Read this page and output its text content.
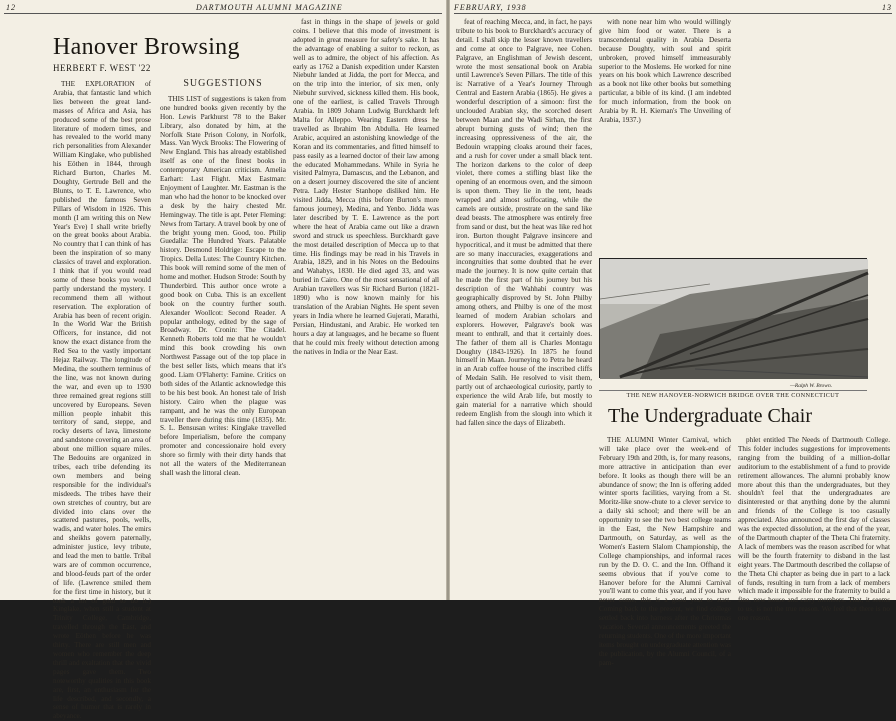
12	DARTMOUTH ALUMNI MAGAZINE
Hanover Browsing
HERBERT F. WEST '22

THE EXPLORATION of Arabia, that fantastic land which lies between the great land-masses of Africa and Asia, has produced some of the best prose literature of modern times, and has revealed to the world many rich personalities from Alexander William Kinglake, who published his Eöthen in 1844, through Richard Burton, Charles M. Doughty, Gertrude Bell and the Blunts, to T. E. Lawrence, who published the famous Seven Pillars of Wisdom in 1926. This month (I am writing this on New Year's Eve) I shall write briefly on the great books about Arabia. No country that I can think of has been the inspiration of so many classics of travel and exploration. I think that if you would read some of these books you would partly understand the mystery. I recommend them all without reservation. The exploration of Arabia has been of recent origin. In the World War the British Officers, for instance, did not know the exact distance from the Red Sea to the vastly important Hejaz Railway. The longitude of Medina, the southern terminus of the line, was not known during the war, and even up to 1930 three remained great regions still uncovered by Europeans. Seven million people inhabit this territory of sand, steppe, and rocky deserts of lava, limestone and sandstone covering an area of about one million square miles. The Bedouins are organized in tribes, each tribe defending its own members and being responsible for the individual's misdeeds. The tribes have their own stretches of country, but are divided into clans over the scattered pastures, pools, wells, wadis, and water holes. The emirs and sheikhs govern paternally, administer justice, levy tribute, and lead the men to battle. Tribal wars are of common occurrence, and blood-feuds part of the order of life. (Lawrence smiled them for the first time in history, but it took a lot of gold to do it.) Kinglake, when still a student at Trinity College, Cambridge, travelled through the East, and wrote Eöthen before he was thirty. There are still men and women who remember the deep thrill and exaltation that the vivid pages gave them. Two noteworthy qualities in this book are, first, an enthusiasm for the life described, and secondly, a sense of humor that is rarely in abeyance.

SUGGESTIONS

THIS LIST of suggestions is taken from one hundred books given recently by the Hon. Lewis Parkhurst '78 to the Baker Library, also donated by him, at the Norfolk State Prison Colony, in Norfolk, Mass. Van Wyck Brooks: The Flowering of New England. This has already established itself as one of the finest books in contemporary American criticism. Amelia Earhart: Last Flight. Max Eastman: Enjoyment of Laughter. Mr. Eastman is the man who had the honor to be knocked over a desk by the hairy chested Mr. Hemingway. The title is apt. Peter Fleming: News from Tartary. A travel book by one of the bright young men. Good, too. Philip Guedalla: The Hundred Years. Palatable history. Desmond Holdrige: Escape to the Tropics. Della Lutes: The Country Kitchen. This book will remind some of the men of home and mother. Hudson Strode: South by Thunderbird. This author once wrote a good book on Cuba. This is an excellent book on the country further south. Alexander Woollcot: Second Reader. A popular anthology, edited by the sage of Broadway. Dr. Cronin: The Citadel. Kenneth Roberts told me that he wouldn't mind this book crowding his own Northwest Passage out of the top place in the best seller lists, which means that it's good. Liam O'Flaherty: Famine. Critics on both sides of the Atlantic acknowledge this to be his best book. An honest tale of Irish history. Cairo when the plague was rampant, and he was the only European traveller there during this time (1835). Mr. S. L. Bensusan writes: Kinglake travelled before Imperialism, before the company promoter and concessionaire hold every shore so firmly with their dirty hands that not all the waters of the Mediterranean shall wash the littoral clean.

fast in things in the shape of jewels or gold coins. I believe that this mode of investment is adopted in great measure for safety's sake. It has the advantage of enabling a suitor to reckon, as well as to admire, the object of his affection. As early as 1762 a Danish expedition under Karsten Niebuhr landed at Jidda, the port for Mecca, and on the trip into the interior, of six men, only Niebuhr survived, sickness killed them. His book, one of the earliest, is called Travels Through Arabia. In 1809 Johann Ludwig Burckhardt left Malta for Alleppo. Wearing Eastern dress he travelled as Ibrahim Ibn Abdulla. He learned Arabic, acquired an astonishing knowledge of the Koran and its commentaries, and fitted himself to pass easily as a learned doctor of their law among the educated Mohammedans. While in Syria he visited Palmyra, Damascus, and the Lebanon, and on a desert journey discovered the site of ancient Petra. Lady Hester Stanhope disliked him. He visited Jidda, Mecca (this before Burton's more famous journey), Medina, and Yenbo. Jidda was later described by T. E. Lawrence as the port where the heat of Arabia came out like a drawn sword and struck us speechless. Burckhardt gave the most detailed description of Mecca up to that time. His findings may be read in his Travels in Arabia, 1829, and in his Notes on the Bedouins and Wahabys, 1830. He died aged 33, and was buried in Cairo. One of the most sensational of all Arabian travellers was Sir Richard Burton (1821-1890) who is now known mainly for his translation of the Arabian Nights. He spent seven years in India where he learned Gujerati, Marathi, Persian, Hindustani, and Arabic. He worked ten hours a day at languages, and he became so fluent that he could mix freely without detection among the natives in India or the Near East.

FEBRUARY, 1938	13

feat of reaching Mecca, and, in fact, he pays tribute to his book to Burckhardt's accuracy of detail. I shall skip the lesser known travellers and come at once to Palgrave, nee Cohen. Palgrave, an Englishman of Jewish descent, wrote the most sensational book on Arabia until Lawrence's Seven Pillars. The title of this is: Narrative of a Year's Journey Through Central and Eastern Arabia (1865). He gives a wonderful description of a simoon: first the unclouded Arabian sky, the scorched desert between Maan and the Wadi Sirhan, the first abrupt burning gusts of wind; then the increasing oppressiveness of the air, the Bedouin wrapping cloaks around their faces, and a rush for cover under a small black tent. The horizon darkens to the color of deep violet, there comes a stifling blast like the opening of an enormous oven, and the simoon is upon them. They lie in the tent, heads wrapped and almost suffocating, while the camels are outside, prostrate on the sand like dead beasts. The atmosphere was entirely free from sand or dust, but the heat was like red hot iron. Burton thought Palgrave insincere and hypocritical, and it must be admitted that there are so many inaccuracies, exaggerations and incongruities that some doubted that he ever made the journey. It is now quite certain that he made the first part of his journey but his description of the Wahhabi country was geographically disproved by St. John Philby among others, and Philby is one of the most learned of modern Arabian scholars and explorers. However, Palgrave's book was meant to enthrall, and that it certainly does. The father of them all is Charles Montagu Doughty (1843-1926). In 1875 he found himself in Maan. Journeying to Petra he heard in an Arab coffee house of the inscribed cliffs of Medain Salih. He resolved to visit them, partly out of archaeological curiosity, partly to experience the wild Arab life, but mostly to gain material for a narrative which should redeem English from the slough into which it had fallen since the days of Elizabeth.

with none near him who would willingly give him food or water. There is a transcendental quality in Arabia Deserta because Doughty, with soul and spirit unbroken, proved himself immeasurably superior to the Moslems. He worked for nine years on his book which Lawrence described as a book not like other books but something particular, a bible of its kind. (I am indebted for much information, from the book on Arabia by R. H. Kiernan's The Unveiling of Arabia, 1937.)

—Ralph W. Brown.
THE NEW HANOVER-NORWICH BRIDGE OVER THE CONNECTICUT
The Undergraduate Chair

THE ALUMNI Winter Carnival, which will take place over the week-end of February 19th and 20th, is, for many reasons, more attractive in anticipation than ever before. It looks as though there will be an abundance of snow; the Inn is offering added winter sports facilities, varying from a St. Moritz-like snow-chute to a clever service to a daily ski school; and there will be an opportunity to see the two best college teams in the East, the New Hampshire and Dartmouth, on Saturday, as well as the Women's Eastern Slalom Championship, the College championships, and informal races run by the D. O. C. and the Inn. Offhand it seems obvious that if you've come to Hanover before for the Alumni Carnival you'll want to come this year, and if you have never come, this is a good year to start. Coming back to the present, we find college settled back into harness after the Christmas vacation. Several announcements greeted the returning students. One of the more important items brought on undergraduate attention was the publication, by the Alumni Council, of a pam-

phlet entitled The Needs of Dartmouth College. This folder includes suggestions for improvements ranging from the building of a million-dollar auditorium to the establishment of a fund to provide retirement allowances. The alumni probably know more about this than the undergraduates, but they shouldn't feel that the undergraduates are disinterested or that anything done by the alumni and friends of the College is too casually appreciated. Also announced the first day of classes was the expected dissolution, at the end of the year, of the Dartmouth chapter of the Theta Chi fraternity. A lack of members was the reason ascribed for what will be the fourth fraternity to disband in the last eight years. The Dartmouth described the collapse of the Theta Chi chapter as being due in part to a lack of funds, resulting in turn from a lack of members which made it impossible for the fraternity to build a fine, new house and carry members. That, it seems to us, is not the true reason. We feel that there is no one reason,
